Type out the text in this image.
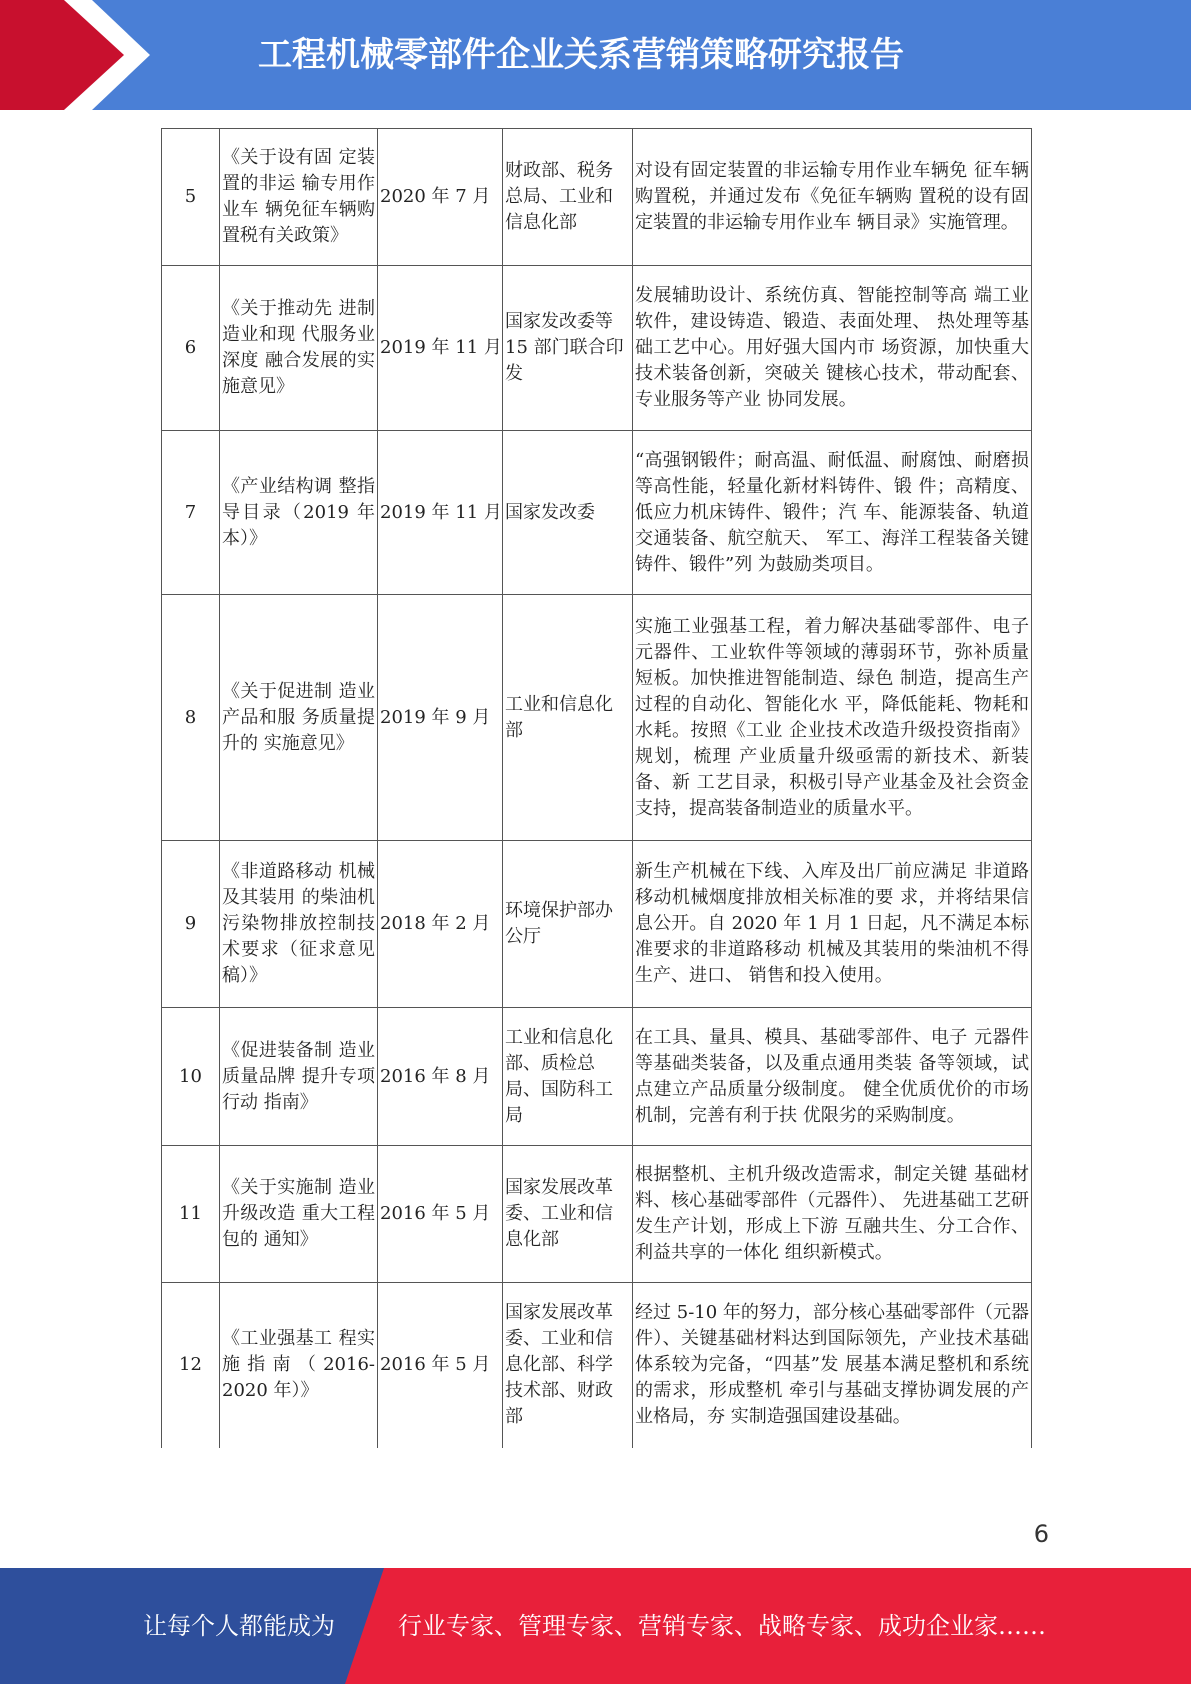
工程机械零部件企业关系营销策略研究报告
5	《关于设有固 定装置的非运 输专用作业车 辆免征车辆购 置税有关政策》	2020 年 7 月	财政部、税务总局、工业和信息化部	对设有固定装置的非运输专用作业车辆免 征车辆购置税，并通过发布《免征车辆购 置税的设有固定装置的非运输专用作业车 辆目录》实施管理。
6	《关于推动先 进制造业和现 代服务业深度 融合发展的实 施意见》	2019 年 11 月	国家发改委等 15 部门联合印发	发展辅助设计、系统仿真、智能控制等高 端工业软件，建设铸造、锻造、表面处理、 热处理等基础工艺中心。用好强大国内市 场资源，加快重大技术装备创新，突破关 键核心技术，带动配套、专业服务等产业 协同发展。
7	《产业结构调 整指导目录（2019 年本）》	2019 年 11 月	国家发改委	“高强钢锻件；耐高温、耐低温、耐腐蚀、耐磨损等高性能，轻量化新材料铸件、锻 件；高精度、低应力机床铸件、锻件；汽 车、能源装备、轨道交通装备、航空航天、 军工、海洋工程装备关键铸件、锻件”列 为鼓励类项目。
8	《关于促进制 造业产品和服 务质量提升的 实施意见》	2019 年 9 月	工业和信息化部	实施工业强基工程，着力解决基础零部件、电子元器件、工业软件等领域的薄弱环节，弥补质量短板。加快推进智能制造、绿色 制造，提高生产过程的自动化、智能化水 平，降低能耗、物耗和水耗。按照《工业 企业技术改造升级投资指南》规划，梳理 产业质量升级亟需的新技术、新装备、新 工艺目录，积极引导产业基金及社会资金 支持，提高装备制造业的质量水平。
9	《非道路移动 机械及其装用 的柴油机污染物排放控制技 术要求（征求意见稿）》	2018 年 2 月	环境保护部办公厅	新生产机械在下线、入库及出厂前应满足 非道路移动机械烟度排放相关标准的要 求，并将结果信息公开。自 2020 年 1 月 1 日起，凡不满足本标准要求的非道路移动 机械及其装用的柴油机不得生产、进口、 销售和投入使用。
10	《促进装备制 造业质量品牌 提升专项行动 指南》	2016 年 8 月	工业和信息化部、质检总局、国防科工局	在工具、量具、模具、基础零部件、电子 元器件等基础类装备，以及重点通用类装 备等领域，试点建立产品质量分级制度。 健全优质优价的市场机制，完善有利于扶 优限劣的采购制度。
11	《关于实施制 造业升级改造 重大工程包的 通知》	2016 年 5 月	国家发展改革委、工业和信息化部	根据整机、主机升级改造需求，制定关键 基础材料、核心基础零部件（元器件）、 先进基础工艺研发生产计划，形成上下游 互融共生、分工合作、利益共享的一体化 组织新模式。
12	《工业强基工 程实施指南（2016-2020 年）》	2016 年 5 月	国家发展改革委、工业和信息化部、科学技术部、财政部	经过 5-10 年的努力，部分核心基础零部件（元器件）、关键基础材料达到国际领先，产业技术基础体系较为完备，“四基”发 展基本满足整机和系统的需求，形成整机 牵引与基础支撑协调发展的产业格局，夯 实制造强国建设基础。
6
让每个人都能成为	行业专家、管理专家、营销专家、战略专家、成功企业家……
